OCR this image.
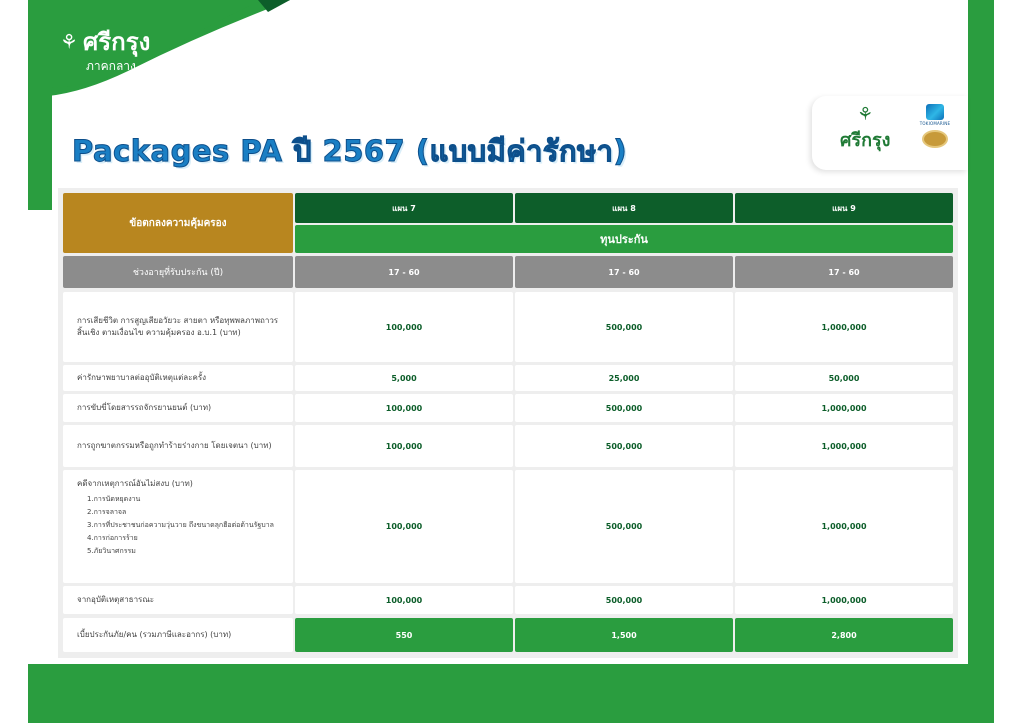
⚘ ศรีกรุง
ภาคกลาง
⚘
ศรีกรุง
TOKIOMARINE
Packages PA ปี 2567 (แบบมีค่ารักษา)
ข้อตกลงความคุ้มครอง
แผน 7	แผน 8	แผน 9
ทุนประกัน
ช่วงอายุที่รับประกัน (ปี)	17 - 60	17 - 60	17 - 60
การเสียชีวิต การสูญเสียอวัยวะ สายตา หรือทุพพลภาพถาวรสิ้นเชิง ตามเงื่อนไข ความคุ้มครอง อ.บ.1 (บาท)
100,000	500,000	1,000,000
ค่ารักษาพยาบาลต่ออุบัติเหตุแต่ละครั้ง	5,000	25,000	50,000
การขับขี่โดยสารรถจักรยานยนต์ (บาท)	100,000	500,000	1,000,000
การถูกฆาตกรรมหรือถูกทำร้ายร่างกาย โดยเจตนา (บาท)	100,000	500,000	1,000,000
คดีจากเหตุการณ์อันไม่สงบ (บาท)
1.การนัดหยุดงาน
2.การจลาจล
3.การที่ประชาชนก่อความวุ่นวาย ถึงขนาดลุกฮือต่อต้านรัฐบาล
4.การก่อการร้าย
5.ภัยวินาศกรรม
100,000	500,000	1,000,000
จากอุบัติเหตุสาธารณะ	100,000	500,000	1,000,000
เบี้ยประกันภัย/คน (รวมภาษีและอากร) (บาท)	550	1,500	2,800
